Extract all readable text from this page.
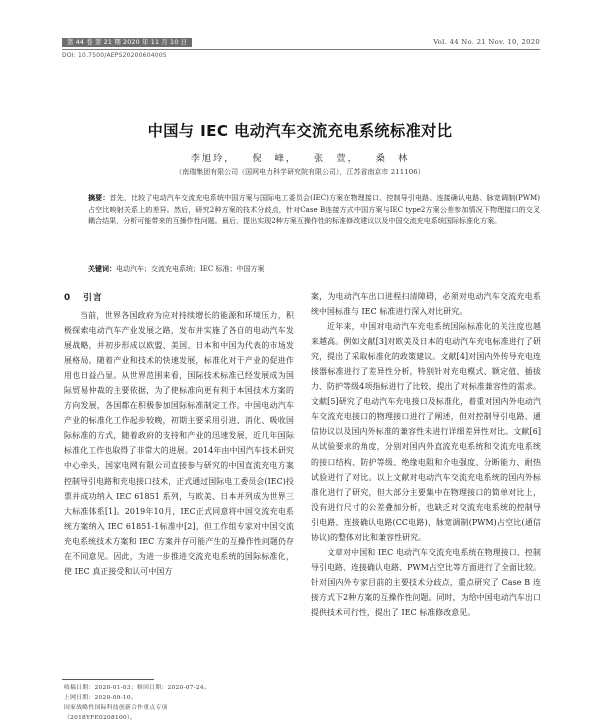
第 44 卷 第 21 期 2020 年 11 月 10 日	Vol. 44 No. 21 Nov. 10, 2020
DOI: 10.7500/AEPS20200604005
中国与 IEC 电动汽车交流充电系统标准对比
李旭玲， 倪　峰， 张　萱， 桑　林
（南瑞集团有限公司（国网电力科学研究院有限公司），江苏省南京市 211106）

摘要：首先，比较了电动汽车交流充电系统中国方案与国际电工委员会(IEC)方案在物理接口、控制导引电路、连接确认电路、脉宽调制(PWM)占空比映射关系上的差异。然后，研究2种方案的技术分歧点，针对Case B连接方式中国方案与IEC type2方案公差参加情况下物理接口的交叉耦合结果，分析可能带来的互操作性问题。最后，提出实现2种方案互操作性的标准修改建议以及中国交流充电系统国际标准化方案。

关键词：电动汽车；交流充电系统；IEC 标准；中国方案

0 引言

当前，世界各国政府为应对持续增长的能源和环境压力，积极探索电动汽车产业发展之路，发布并实施了各自的电动汽车发展战略，并初步形成以欧盟、美国、日本和中国为代表的市场发展格局。随着产业和技术的快速发展，标准化对于产业的促进作用也日益凸显。从世界范围来看，国际技术标准已经发展成为国际贸易仲裁的主要依据，为了使标准向更有利于本国技术方案的方向发展，各国都在积极参加国际标准制定工作。中国电动汽车产业的标准化工作起步较晚，初期主要采用引进、消化、吸收国际标准的方式，随着政府的支持和产业的迅速发展，近几年国际标准化工作也取得了非常大的进展。2014年由中国汽车技术研究中心牵头，国家电网有限公司直接参与研究的中国直流充电方案控制导引电路和充电接口技术，正式通过国际电工委员会(IEC)投票并成功纳入 IEC 61851 系列，与欧美、日本并列成为世界三大标准体系[1]。2019年10月，IEC正式同意将中国交流充电系统方案纳入 IEC 61851-1标准中[2]，但工作组专家对中国交流充电系统技术方案和 IEC 方案并存可能产生的互操作性问题仍存在不同意见。因此，为进一步推进交流充电系统的国际标准化，使 IEC 真正接受和认可中国方

案，为电动汽车出口进程扫清障碍，必须对电动汽车交流充电系统中国标准与 IEC 标准进行深入对比研究。

近年来，中国对电动汽车充电系统国际标准化的关注度也越来越高。例如文献[3]对欧美及日本的电动汽车充电标准进行了研究，提出了采取标准化的政策建议。文献[4]对国内外传导充电连接器标准进行了差异性分析，特别针对充电模式、额定值、插拔力、防护等级4项指标进行了比较，提出了对标准兼容性的需求。文献[5]研究了电动汽车充电接口及标准化，着重对国内外电动汽车交流充电接口的物理接口进行了阐述，但对控制导引电路、通信协议以及国内外标准的兼容性未进行详细差异性对比。文献[6]从试验要求的角度，分别对国内外直流充电系统和交流充电系统的接口结构、防护等级、绝缘电阻和介电强度、分断能力、耐热试验进行了对比。以上文献对电动汽车交流充电系统的国内外标准化进行了研究，但大部分主要集中在物理接口的简单对比上，没有进行尺寸的公差叠加分析，也缺乏对交流充电系统的控制导引电路、连接确认电路(CC电路)、脉宽调制(PWM)占空比(通信协议)的整体对比和兼容性研究。

文章对中国和 IEC 电动汽车交流充电系统在物理接口、控制导引电路、连接确认电路、PWM占空比等方面进行了全面比较。针对国内外专家目前的主要技术分歧点，重点研究了 Case B 连接方式下2种方案的互操作性问题。同时，为给中国电动汽车出口提供技术可行性，提出了 IEC 标准修改意见。

收稿日期：2020-01-03；修回日期：2020-07-24。
上网日期：2020-09-10。
国家战略性国际科技创新合作重点专项
（2018YFE0208100）。
